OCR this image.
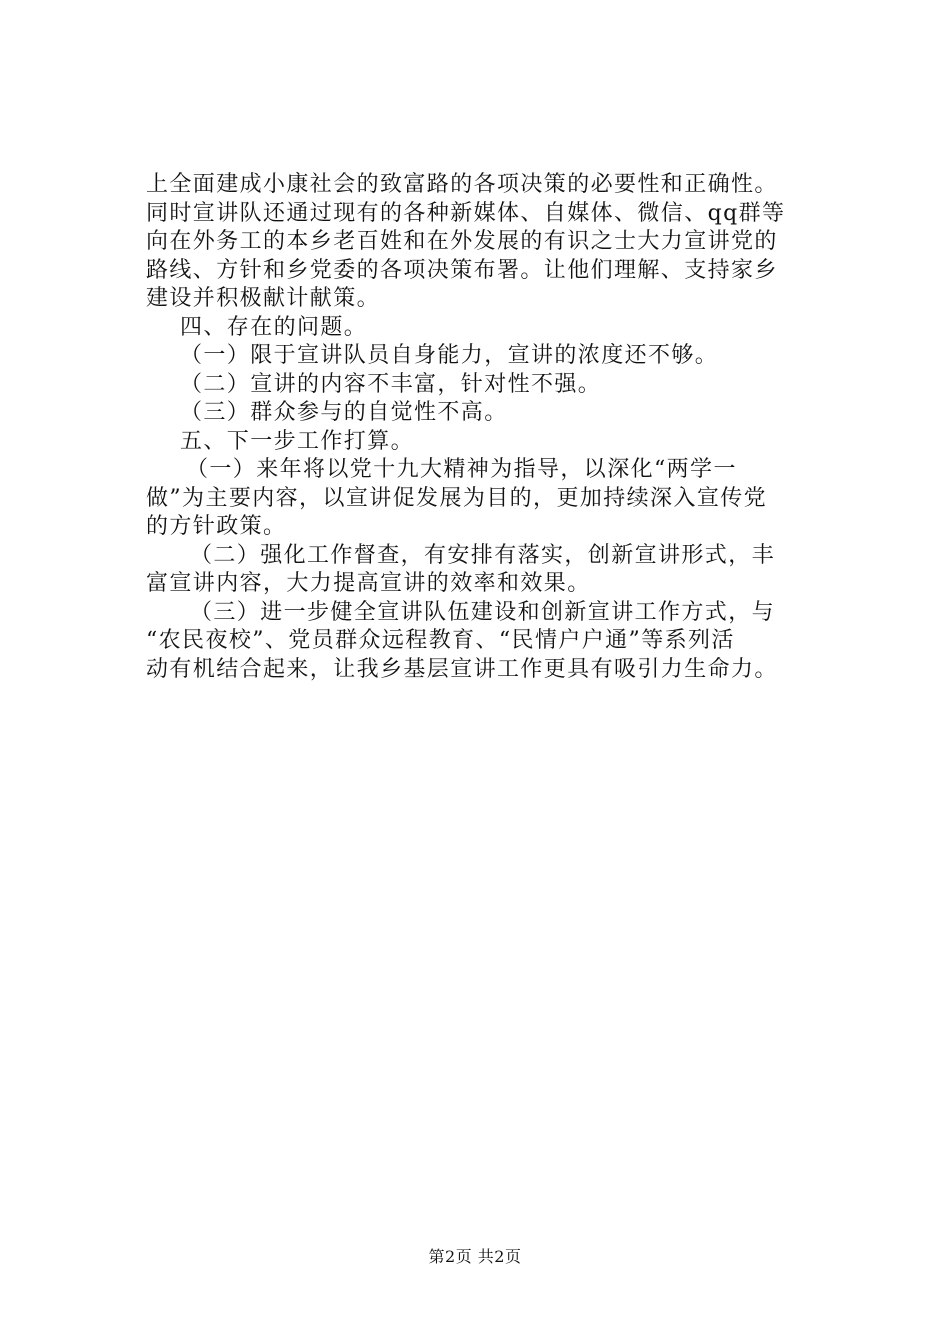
上全面建成小康社会的致富路的各项决策的必要性和正确性。
同时宣讲队还通过现有的各种新媒体、自媒体、微信、qq群等
向在外务工的本乡老百姓和在外发展的有识之士大力宣讲党的
路线、方针和乡党委的各项决策布署。让他们理解、支持家乡
建设并积极献计献策。
四、存在的问题。
（一）限于宣讲队员自身能力，宣讲的浓度还不够。
（二）宣讲的内容不丰富，针对性不强。
（三）群众参与的自觉性不高。
五、下一步工作打算。
（一）来年将以党十九大精神为指导，以深化“两学一
做”为主要内容，以宣讲促发展为目的，更加持续深入宣传党
的方针政策。
（二）强化工作督查，有安排有落实，创新宣讲形式，丰
富宣讲内容，大力提高宣讲的效率和效果。
（三）进一步健全宣讲队伍建设和创新宣讲工作方式，与
“农民夜校”、党员群众远程教育、“民情户户通”等系列活
动有机结合起来，让我乡基层宣讲工作更具有吸引力生命力。
第2页 共2页
